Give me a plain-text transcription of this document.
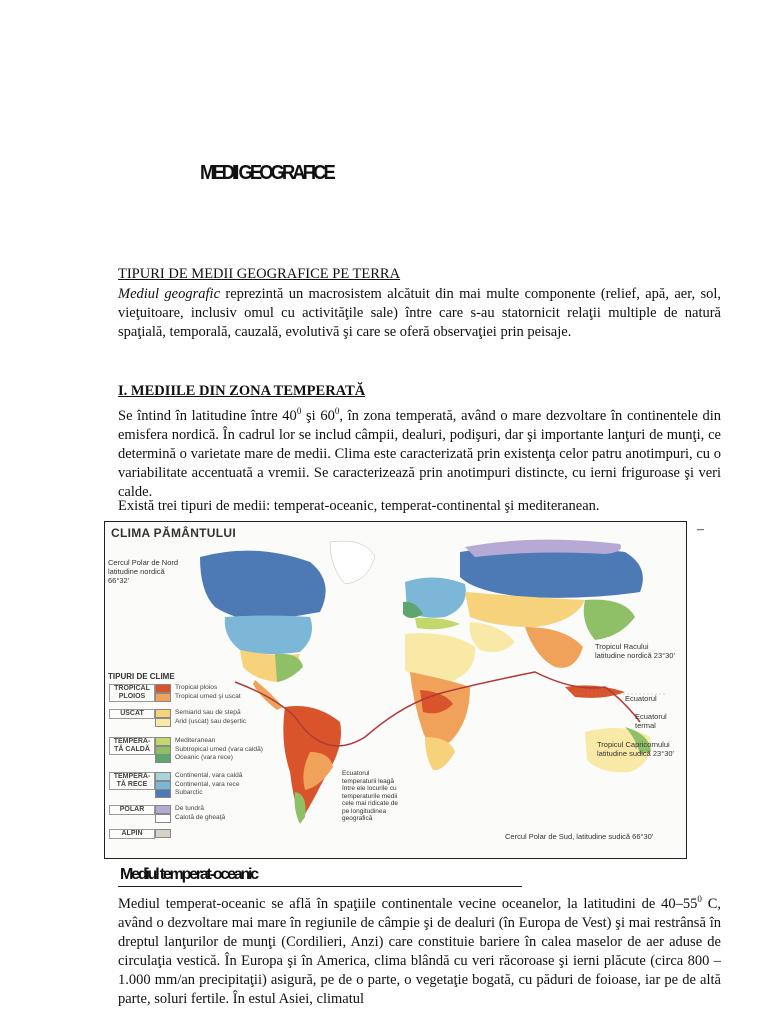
MEDII GEOGRAFICE
TIPURI DE MEDII GEOGRAFICE PE TERRA
Mediul geografic reprezintă un macrosistem alcătuit din mai multe componente (relief, apă, aer, sol, vieţuitoare, inclusiv omul cu activităţile sale) între care s-au statornicit relaţii multiple de natură spaţială, temporală, cauzală, evolutivă şi care se oferă observaţiei prin peisaje.
I. MEDIILE DIN ZONA TEMPERATĂ
Se întind în latitudine între $40^0$ şi $60^0$, în zona temperată, având o mare dezvoltare în continentele din emisfera nordică. În cadrul lor se includ câmpii, dealuri, podişuri, dar şi importante lanţuri de munţi, ce determină o varietate mare de medii. Clima este caracterizată prin existenţa celor patru anotimpuri, cu o variabilitate accentuată a vremii. Se caracterizează prin anotimpuri distincte, cu ierni friguroase şi veri calde.
Există trei tipuri de medii: temperat-oceanic, temperat-continental şi mediteranean.
–
CLIMA PĂMÂNTULUI
Cercul Polar de Nord
latitudine nordică
66°32'
Tropicul Racului
latitudine nordică 23°30'
Ecuatorul
Ecuatorul
termal
Tropicul Capricornului
latitudine sudică 23°30'
Cercul Polar de Sud, latitudine sudică 66°30'
Ecuatorul
temperaturii leagă
între ele locurile cu
temperaturile medii
cele mai ridicate de
pe longitudinea
geografică
TIPURI DE CLIME
TROPICAL
PLOIOS
Tropical ploios
Tropical umed şi uscat
USCAT	Semiarid sau de stepă
Arid (uscat) sau deşertic
TEMPERA-
TĂ CALDĂ
Mediteranean
Subtropical umed (vara caldă)
Oceanic (vara rece)
TEMPERA-
TĂ RECE
Continental, vara caldă
Continental, vara rece
Subarctic
POLAR	De tundră
Calotă de gheaţă
ALPIN
Mediul temperat-oceanic
Mediul temperat-oceanic se află în spaţiile continentale vecine oceanelor, la latitudini de $40-55^0$ C, având o dezvoltare mai mare în regiunile de câmpie şi de dealuri (în Europa de Vest) şi mai restrânsă în dreptul lanţurilor de munţi (Cordilieri, Anzi) care constituie bariere în calea maselor de aer aduse de circulaţia vestică. În Europa şi în America, clima blândă cu veri răcoroase şi ierni plăcute (circa 800 – 1.000 mm/an precipitaţii) asigură, pe de o parte, o vegetaţie bogată, cu păduri de foioase, iar pe de altă parte, soluri fertile. În estul Asiei, climatul
